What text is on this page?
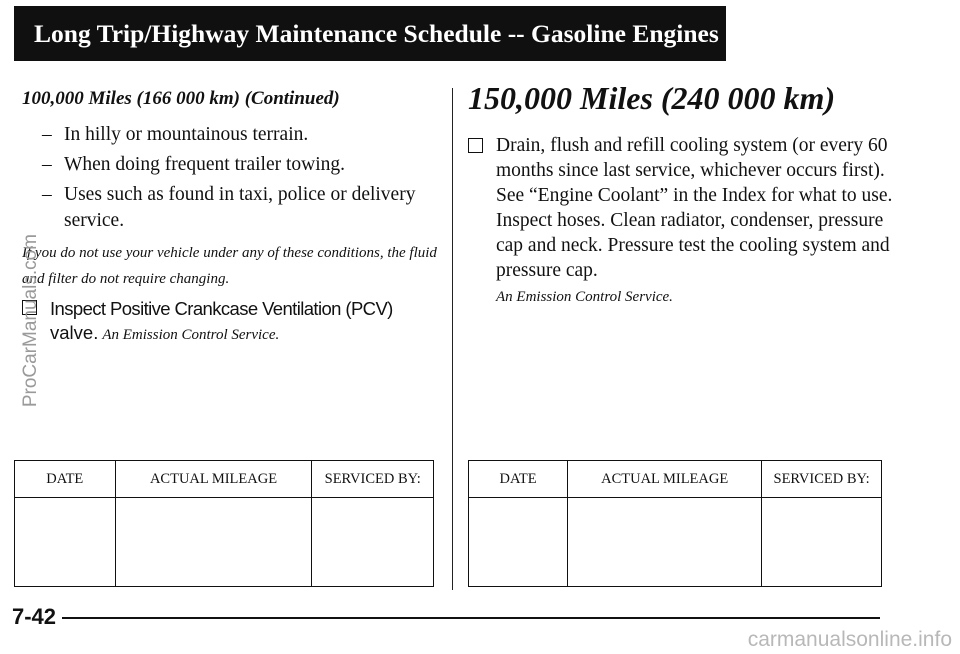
Long Trip/Highway Maintenance Schedule -- Gasoline Engines
100,000 Miles (166 000 km) (Continued)
– In hilly or mountainous terrain.
– When doing frequent trailer towing.
– Uses such as found in taxi, police or delivery service.

If you do not use your vehicle under any of these conditions, the fluid and filter do not require changing.

Inspect Positive Crankcase Ventilation (PCV)
valve. An Emission Control Service.
150,000 Miles (240 000 km)
Drain, flush and refill cooling system (or every 60 months since last service, whichever occurs first). See “Engine Coolant” in the Index for what to use. Inspect hoses. Clean radiator, condenser, pressure cap and neck. Pressure test the cooling system and pressure cap.
An Emission Control Service.
DATE	ACTUAL MILEAGE	SERVICED BY:
			DATE	ACTUAL MILEAGE	SERVICED BY:

7-42
ProCarManuals.com
carmanualsonline.info
